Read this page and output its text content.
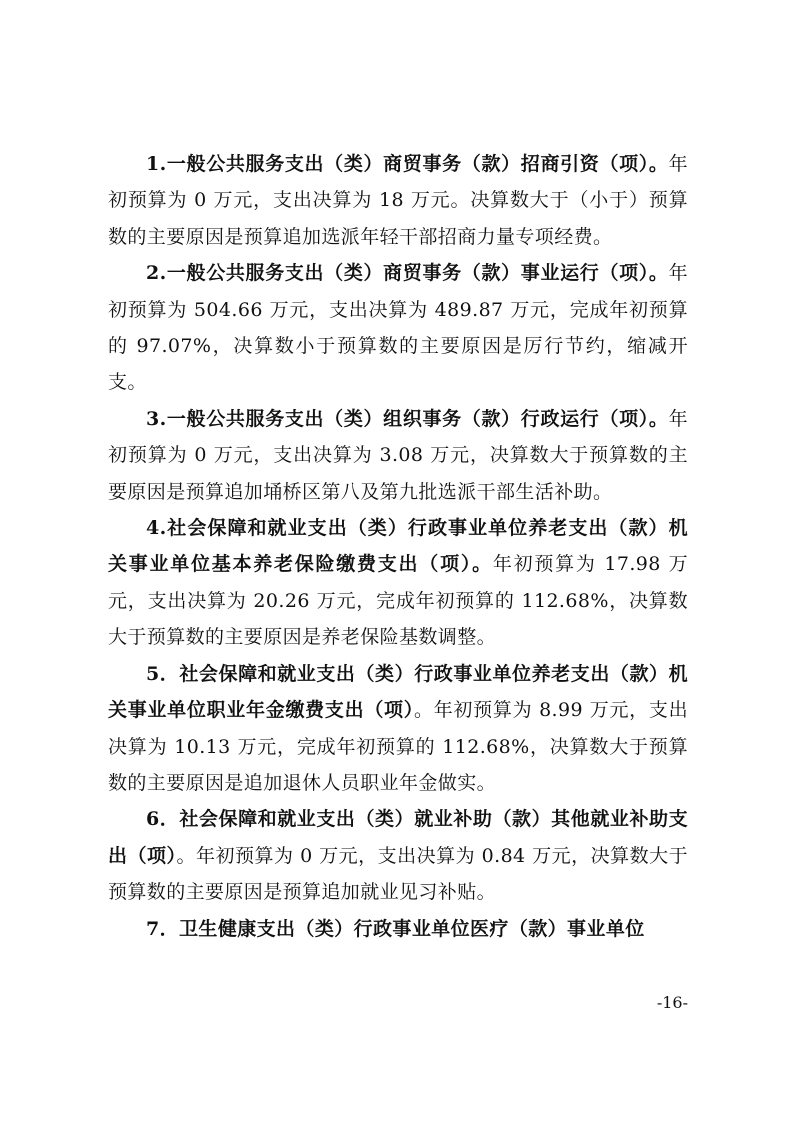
1.一般公共服务支出（类）商贸事务（款）招商引资（项）。年初预算为 0 万元，支出决算为 18 万元。决算数大于（小于）预算数的主要原因是预算追加选派年轻干部招商力量专项经费。

2.一般公共服务支出（类）商贸事务（款）事业运行（项）。年初预算为 504.66 万元，支出决算为 489.87 万元，完成年初预算的 97.07%，决算数小于预算数的主要原因是厉行节约，缩减开支。

3.一般公共服务支出（类）组织事务（款）行政运行（项）。年初预算为 0 万元，支出决算为 3.08 万元，决算数大于预算数的主要原因是预算追加埇桥区第八及第九批选派干部生活补助。

4.社会保障和就业支出（类）行政事业单位养老支出（款）机关事业单位基本养老保险缴费支出（项）。年初预算为 17.98 万元，支出决算为 20.26 万元，完成年初预算的 112.68%，决算数大于预算数的主要原因是养老保险基数调整。

5．社会保障和就业支出（类）行政事业单位养老支出（款）机关事业单位职业年金缴费支出（项）。年初预算为 8.99 万元，支出决算为 10.13 万元，完成年初预算的 112.68%，决算数大于预算数的主要原因是追加退休人员职业年金做实。

6．社会保障和就业支出（类）就业补助（款）其他就业补助支出（项）。年初预算为 0 万元，支出决算为 0.84 万元，决算数大于预算数的主要原因是预算追加就业见习补贴。

7．卫生健康支出（类）行政事业单位医疗（款）事业单位

-16-
